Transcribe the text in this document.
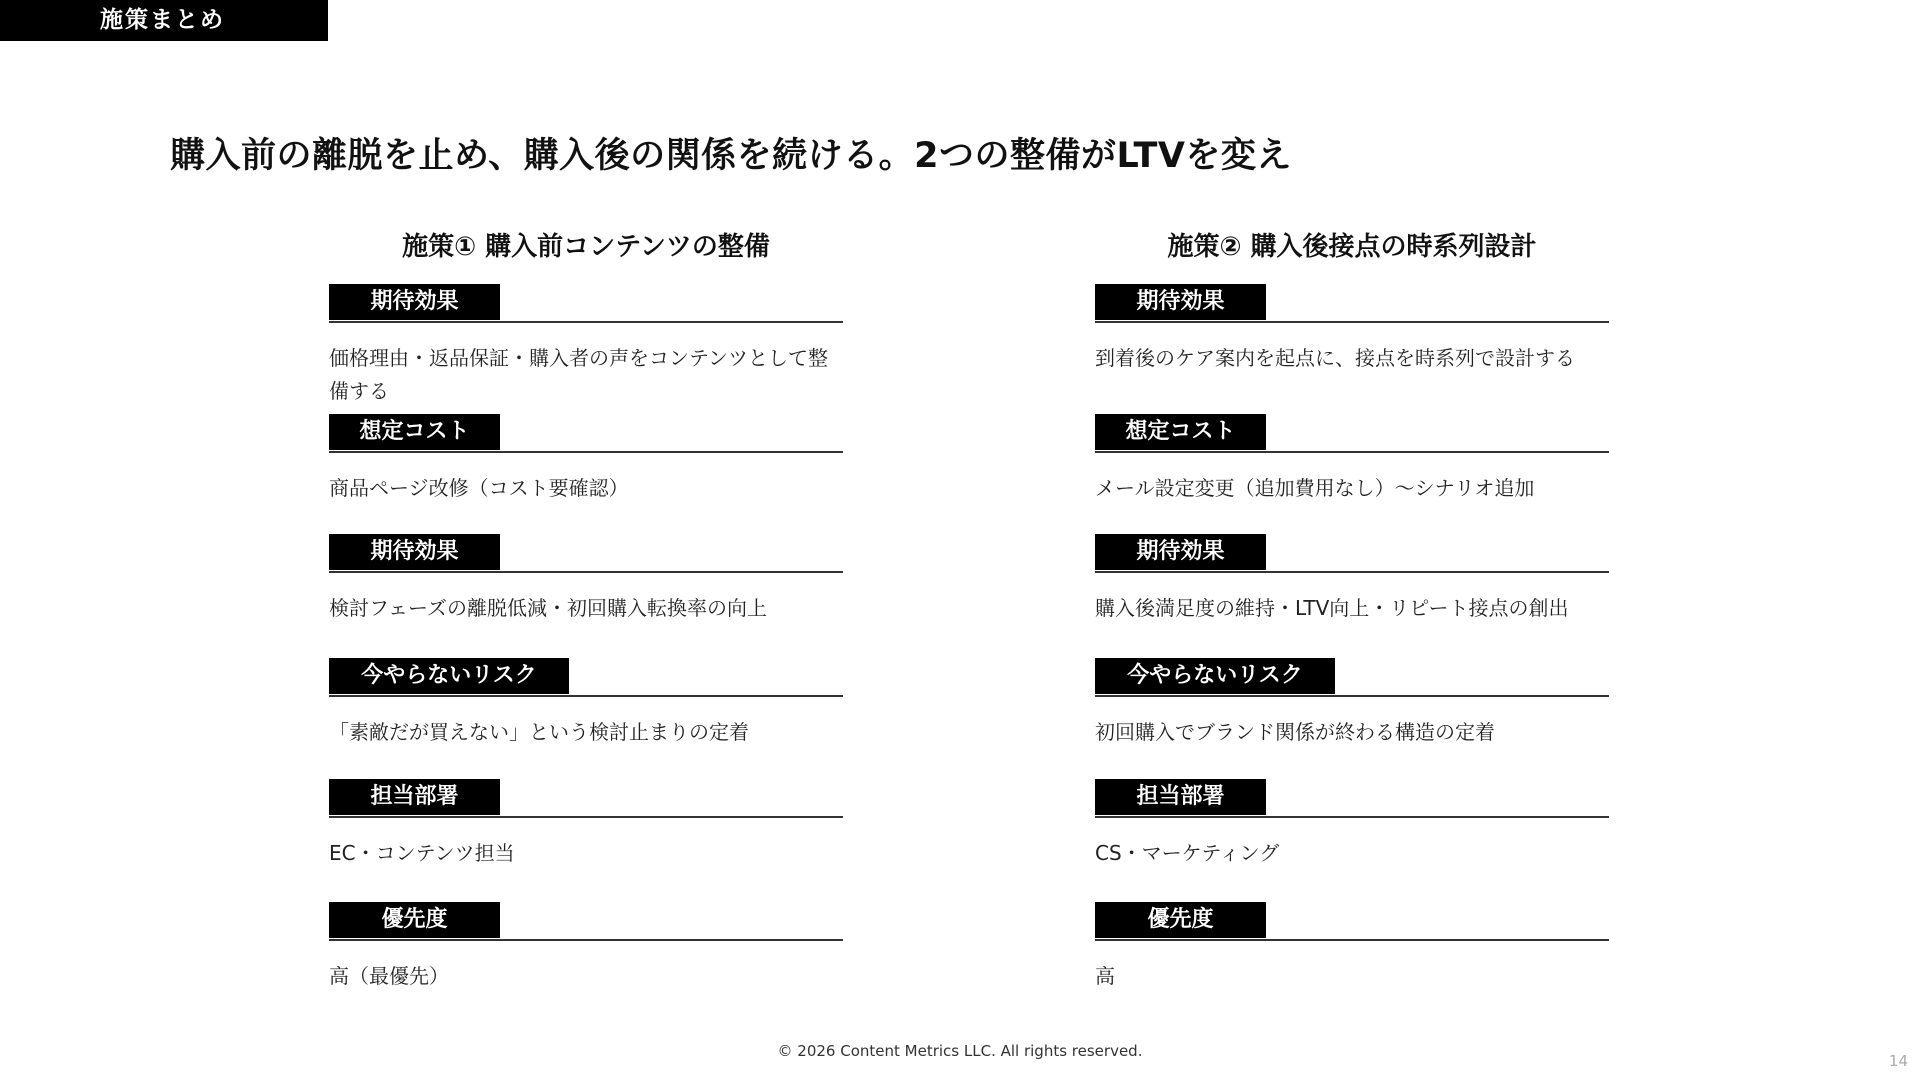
施策まとめ
購入前の離脱を止め、購入後の関係を続ける。2つの整備がLTVを変え
施策① 購入前コンテンツの整備
期待効果
価格理由・返品保証・購入者の声をコンテンツとして整備する
想定コスト
商品ページ改修（コスト要確認）
期待効果
検討フェーズの離脱低減・初回購入転換率の向上
今やらないリスク
「素敵だが買えない」という検討止まりの定着
担当部署
EC・コンテンツ担当
優先度
高（最優先）
施策② 購入後接点の時系列設計
期待効果
到着後のケア案内を起点に、接点を時系列で設計する
想定コスト
メール設定変更（追加費用なし）〜シナリオ追加
期待効果
購入後満足度の維持・LTV向上・リピート接点の創出
今やらないリスク
初回購入でブランド関係が終わる構造の定着
担当部署
CS・マーケティング
優先度
高
© 2026 Content Metrics LLC. All rights reserved.
14
